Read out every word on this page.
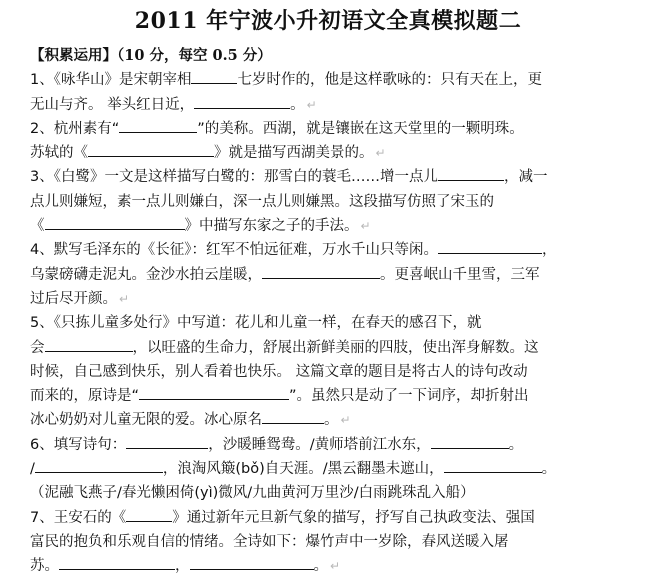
2011 年宁波小升初语文全真模拟题二
【积累运用】（10 分，每空 0.5 分）
1、《咏华山》是宋朝宰相	七岁时作的，他是这样歌咏的：只有天在上，更
无山与齐。 举头红日近，	。 ↵
2、杭州素有“	”的美称。西湖，就是镶嵌在这天堂里的一颗明珠。
苏轼的《	》就是描写西湖美景的。 ↵
3、《白鹭》一文是这样描写白鹭的：那雪白的蓑毛……增一点儿	，减一
点儿则嫌短，素一点儿则嫌白，深一点儿则嫌黑。这段描写仿照了宋玉的
《	》中描写东家之子的手法。 ↵
4、默写毛泽东的《长征》：红军不怕远征难，万水千山只等闲。	，
乌蒙磅礴走泥丸。金沙水拍云崖暖，	。更喜岷山千里雪，三军
过后尽开颜。 ↵
5、《只拣儿童多处行》中写道：花儿和儿童一样，在春天的感召下，就
会	，以旺盛的生命力，舒展出新鲜美丽的四肢，使出浑身解数。这
时候，自己感到快乐，别人看着也快乐。 这篇文章的题目是将古人的诗句改动
而来的，原诗是“	”。虽然只是动了一下词序，却折射出
冰心奶奶对儿童无限的爱。冰心原名	。 ↵
6、填写诗句：	，沙暖睡鸳鸯。/黄师塔前江水东，	。
/	，浪淘风簸(bǒ)自天涯。/黑云翻墨未遮山，	。
（泥融飞燕子/春光懒困倚(yì)微风/九曲黄河万里沙/白雨跳珠乱入船）
7、王安石的《	》通过新年元旦新气象的描写，抒写自己执政变法、强国
富民的抱负和乐观自信的情绪。全诗如下：爆竹声中一岁除，春风送暖入屠
苏。	，	。 ↵
